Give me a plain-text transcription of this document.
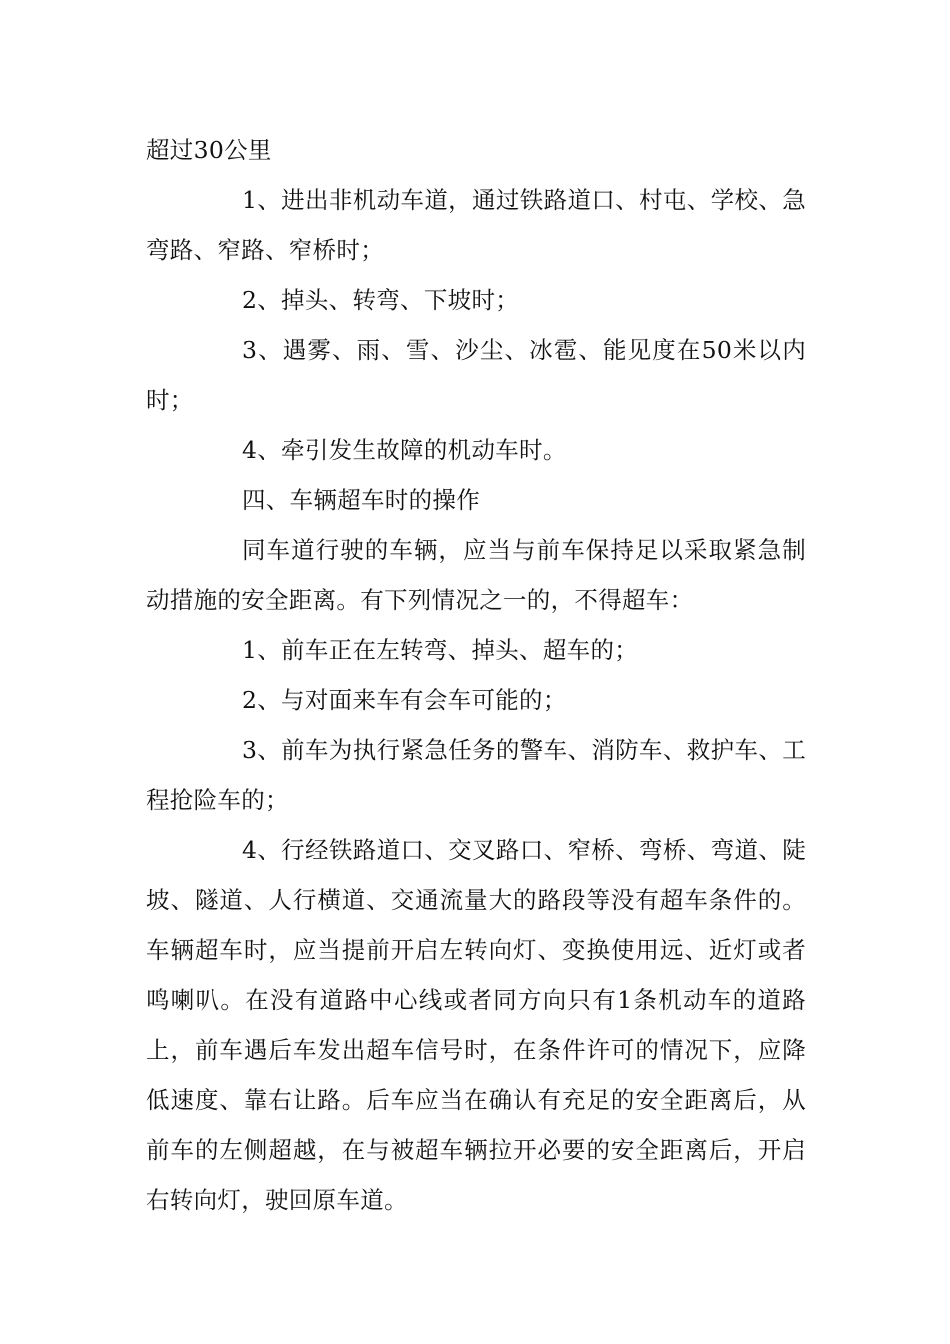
超过30公里

1、进出非机动车道，通过铁路道口、村屯、学校、急弯路、窄路、窄桥时；

2、掉头、转弯、下坡时；

3、遇雾、雨、雪、沙尘、冰雹、能见度在50米以内时；

4、牵引发生故障的机动车时。

四、车辆超车时的操作

同车道行驶的车辆，应当与前车保持足以采取紧急制动措施的安全距离。有下列情况之一的，不得超车：

1、前车正在左转弯、掉头、超车的；

2、与对面来车有会车可能的；

3、前车为执行紧急任务的警车、消防车、救护车、工程抢险车的；

4、行经铁路道口、交叉路口、窄桥、弯桥、弯道、陡坡、隧道、人行横道、交通流量大的路段等没有超车条件的。车辆超车时，应当提前开启左转向灯、变换使用远、近灯或者鸣喇叭。在没有道路中心线或者同方向只有1条机动车的道路上，前车遇后车发出超车信号时，在条件许可的情况下，应降低速度、靠右让路。后车应当在确认有充足的安全距离后，从前车的左侧超越，在与被超车辆拉开必要的安全距离后，开启右转向灯，驶回原车道。
